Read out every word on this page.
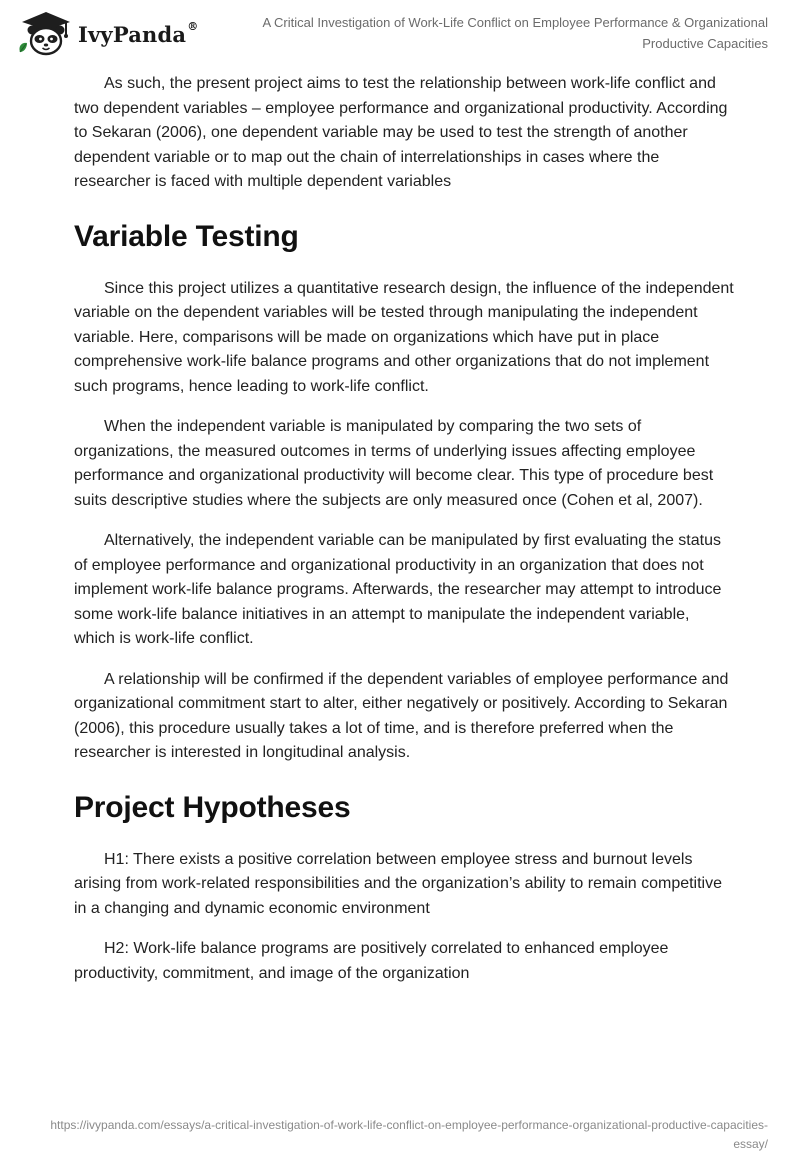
IvyPanda®	A Critical Investigation of Work-Life Conflict on Employee Performance & Organizational Productive Capacities

As such, the present project aims to test the relationship between work-life conflict and two dependent variables – employee performance and organizational productivity. According to Sekaran (2006), one dependent variable may be used to test the strength of another dependent variable or to map out the chain of interrelationships in cases where the researcher is faced with multiple dependent variables

Variable Testing

Since this project utilizes a quantitative research design, the influence of the independent variable on the dependent variables will be tested through manipulating the independent variable. Here, comparisons will be made on organizations which have put in place comprehensive work-life balance programs and other organizations that do not implement such programs, hence leading to work-life conflict.

When the independent variable is manipulated by comparing the two sets of organizations, the measured outcomes in terms of underlying issues affecting employee performance and organizational productivity will become clear. This type of procedure best suits descriptive studies where the subjects are only measured once (Cohen et al, 2007).

Alternatively, the independent variable can be manipulated by first evaluating the status of employee performance and organizational productivity in an organization that does not implement work-life balance programs. Afterwards, the researcher may attempt to introduce some work-life balance initiatives in an attempt to manipulate the independent variable, which is work-life conflict.

A relationship will be confirmed if the dependent variables of employee performance and organizational commitment start to alter, either negatively or positively. According to Sekaran (2006), this procedure usually takes a lot of time, and is therefore preferred when the researcher is interested in longitudinal analysis.

Project Hypotheses

H1: There exists a positive correlation between employee stress and burnout levels arising from work-related responsibilities and the organization’s ability to remain competitive in a changing and dynamic economic environment

H2: Work-life balance programs are positively correlated to enhanced employee productivity, commitment, and image of the organization

https://ivypanda.com/essays/a-critical-investigation-of-work-life-conflict-on-employee-performance-organizational-productive-capacities-essay/
